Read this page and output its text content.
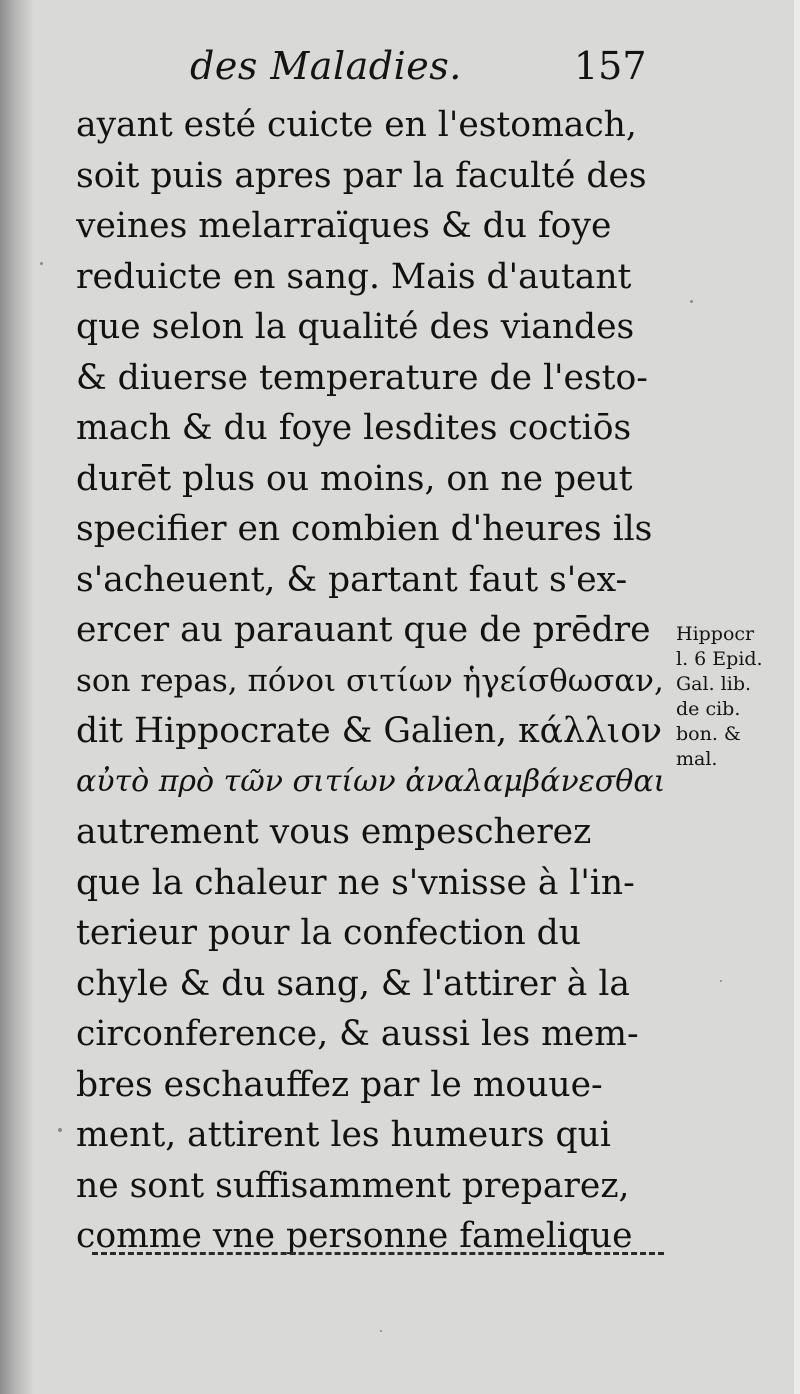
des Maladies.	157
ayant esté cuicte en l'estomach,
soit puis apres par la faculté des
veines melarraïques & du foye
reduicte en sang. Mais d'autant
que selon la qualité des viandes
& diuerse temperature de l'esto-
mach & du foye lesdites coctiōs
durēt plus ou moins, on ne peut
specifier en combien d'heures ils
s'acheuent, & partant faut s'ex-
ercer au parauant que de prēdre
son repas, πόνοι σιτίων ἡγείσθωσαν,
dit Hippocrate & Galien, κάλλιον
αὐτὸ πρὸ τῶν σιτίων ἀναλαμβάνεσθαι
autrement vous empescherez
que la chaleur ne s'vnisse à l'in-
terieur pour la confection du
chyle & du sang, & l'attirer à la
circonference, & aussi les mem-
bres eschauffez par le mouue-
ment, attirent les humeurs qui
ne sont suffisamment preparez,
comme vne personne famelique
Hippocr
l. 6 Epid.
Gal. lib.
de cib.
bon. &
mal.
